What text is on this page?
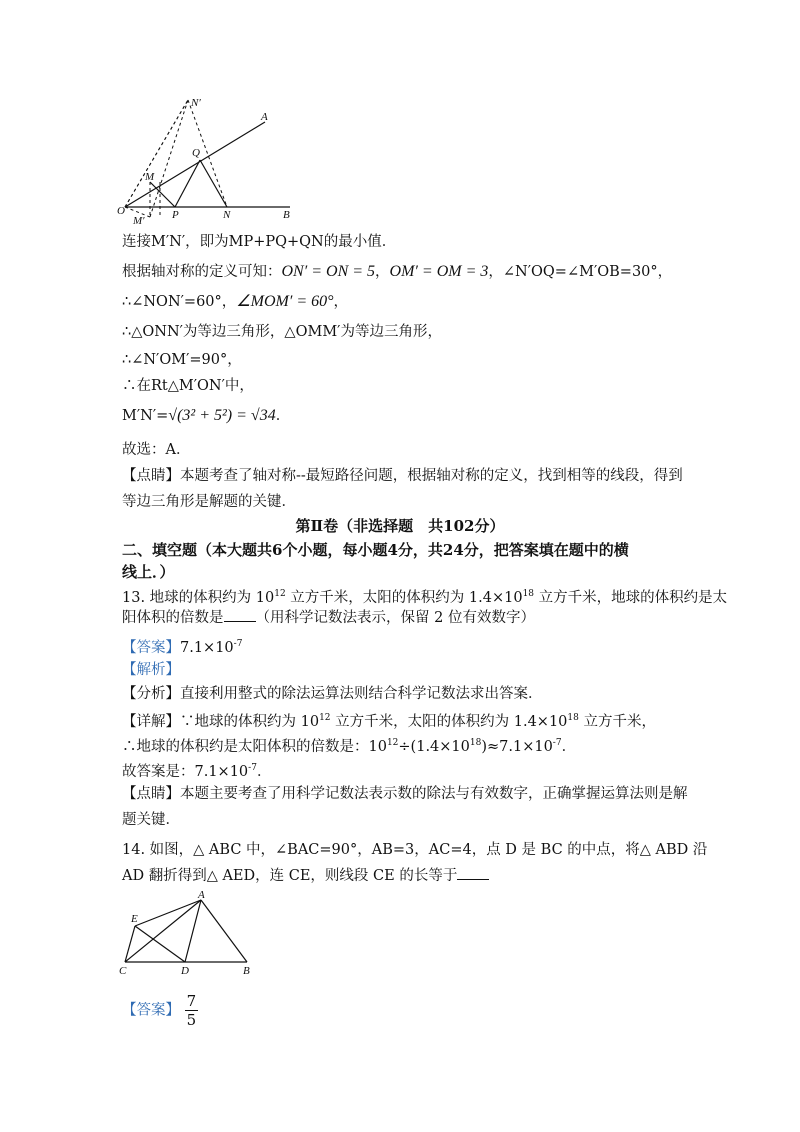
N′
A
Q
M
O	P	N	B
M′
连接M′N′，即为MP+PQ+QN的最小值．
根据轴对称的定义可知：ON′ = ON = 5，OM′ = OM = 3，∠N′OQ=∠M′OB=30°，
∴∠NON′=60°，∠MOM′ = 60°，
∴△ONN′为等边三角形，△OMM′为等边三角形，
∴∠N′OM′=90°，
∴在Rt△M′ON′中，
M′N′=√(3² + 5²) = √34．
故选：A．
【点睛】本题考查了轴对称--最短路径问题，根据轴对称的定义，找到相等的线段，得到
等边三角形是解题的关键．
第Ⅱ卷（非选择题　共102分）
二、填空题（本大题共6个小题，每小题4分，共24分，把答案填在题中的横
线上．）
13. 地球的体积约为 $10^{12}$ 立方千米，太阳的体积约为 $1.4\times 10^{18}$ 立方千米，地球的体积约是太
阳体积的倍数是 （用科学记数法表示，保留 2 位有效数字）
【答案】$7.1\times 10^{-7}$
【解析】
【分析】直接利用整式的除法运算法则结合科学记数法求出答案．
【详解】∵地球的体积约为 $10^{12}$ 立方千米，太阳的体积约为 $1.4\times 10^{18}$ 立方千米，
∴地球的体积约是太阳体积的倍数是：$10^{12}\div(1.4\times 10^{18})\approx 7.1\times 10^{-7}$．
故答案是：$7.1\times 10^{-7}$．
【点睛】本题主要考查了用科学记数法表示数的除法与有效数字，正确掌握运算法则是解
题关键．
14. 如图，△ ABC 中，∠BAC=90°，AB=3，AC=4，点 D 是 BC 的中点，将△ ABD 沿
AD 翻折得到△ AED，连 CE，则线段 CE 的长等于
E
A
C	D	B
【答案】 $\frac{7}{5}$
